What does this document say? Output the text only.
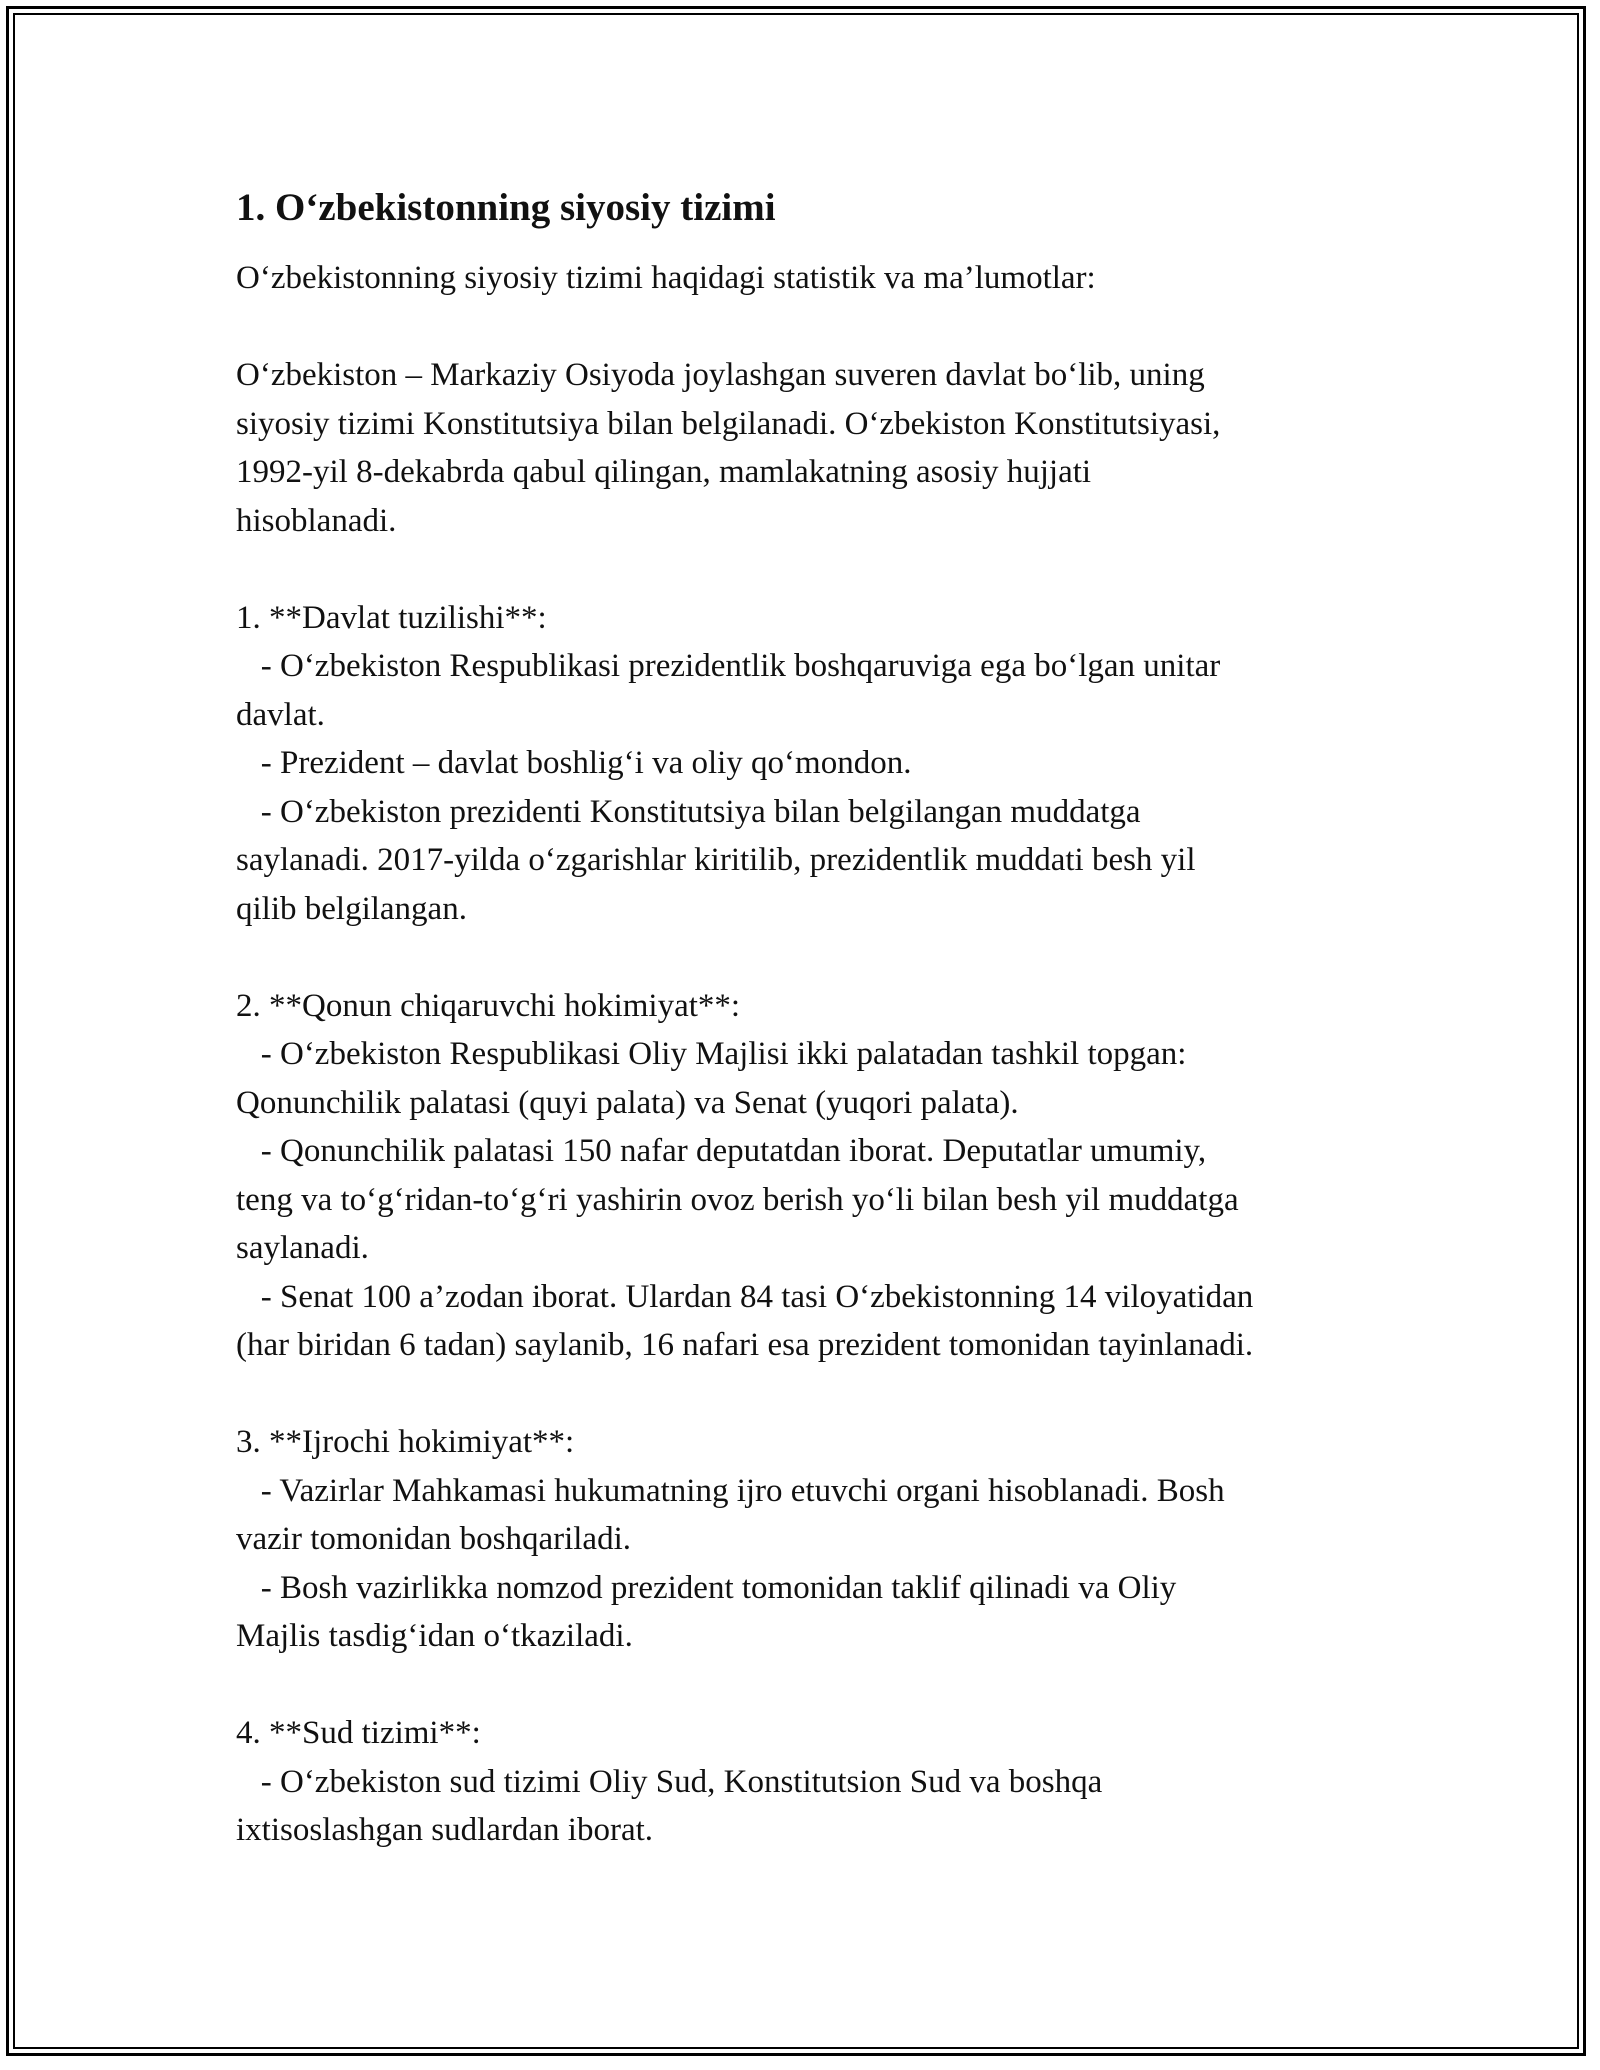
1. O‘zbekistonning siyosiy tizimi

O‘zbekistonning siyosiy tizimi haqidagi statistik va ma’lumotlar:

O‘zbekiston – Markaziy Osiyoda joylashgan suveren davlat bo‘lib, uning
siyosiy tizimi Konstitutsiya bilan belgilanadi. O‘zbekiston Konstitutsiyasi,
1992-yil 8-dekabrda qabul qilingan, mamlakatning asosiy hujjati
hisoblanadi.

1. **Davlat tuzilishi**:

- O‘zbekiston Respublikasi prezidentlik boshqaruviga ega bo‘lgan unitar
davlat.

- Prezident – davlat boshlig‘i va oliy qo‘mondon.

- O‘zbekiston prezidenti Konstitutsiya bilan belgilangan muddatga
saylanadi. 2017-yilda o‘zgarishlar kiritilib, prezidentlik muddati besh yil
qilib belgilangan.

2. **Qonun chiqaruvchi hokimiyat**:

- O‘zbekiston Respublikasi Oliy Majlisi ikki palatadan tashkil topgan:
Qonunchilik palatasi (quyi palata) va Senat (yuqori palata).

- Qonunchilik palatasi 150 nafar deputatdan iborat. Deputatlar umumiy,
teng va to‘g‘ridan-to‘g‘ri yashirin ovoz berish yo‘li bilan besh yil muddatga
saylanadi.

- Senat 100 a’zodan iborat. Ulardan 84 tasi O‘zbekistonning 14 viloyatidan
(har biridan 6 tadan) saylanib, 16 nafari esa prezident tomonidan tayinlanadi.

3. **Ijrochi hokimiyat**:

- Vazirlar Mahkamasi hukumatning ijro etuvchi organi hisoblanadi. Bosh
vazir tomonidan boshqariladi.

- Bosh vazirlikka nomzod prezident tomonidan taklif qilinadi va Oliy
Majlis tasdig‘idan o‘tkaziladi.

4. **Sud tizimi**:

- O‘zbekiston sud tizimi Oliy Sud, Konstitutsion Sud va boshqa
ixtisoslashgan sudlardan iborat.
